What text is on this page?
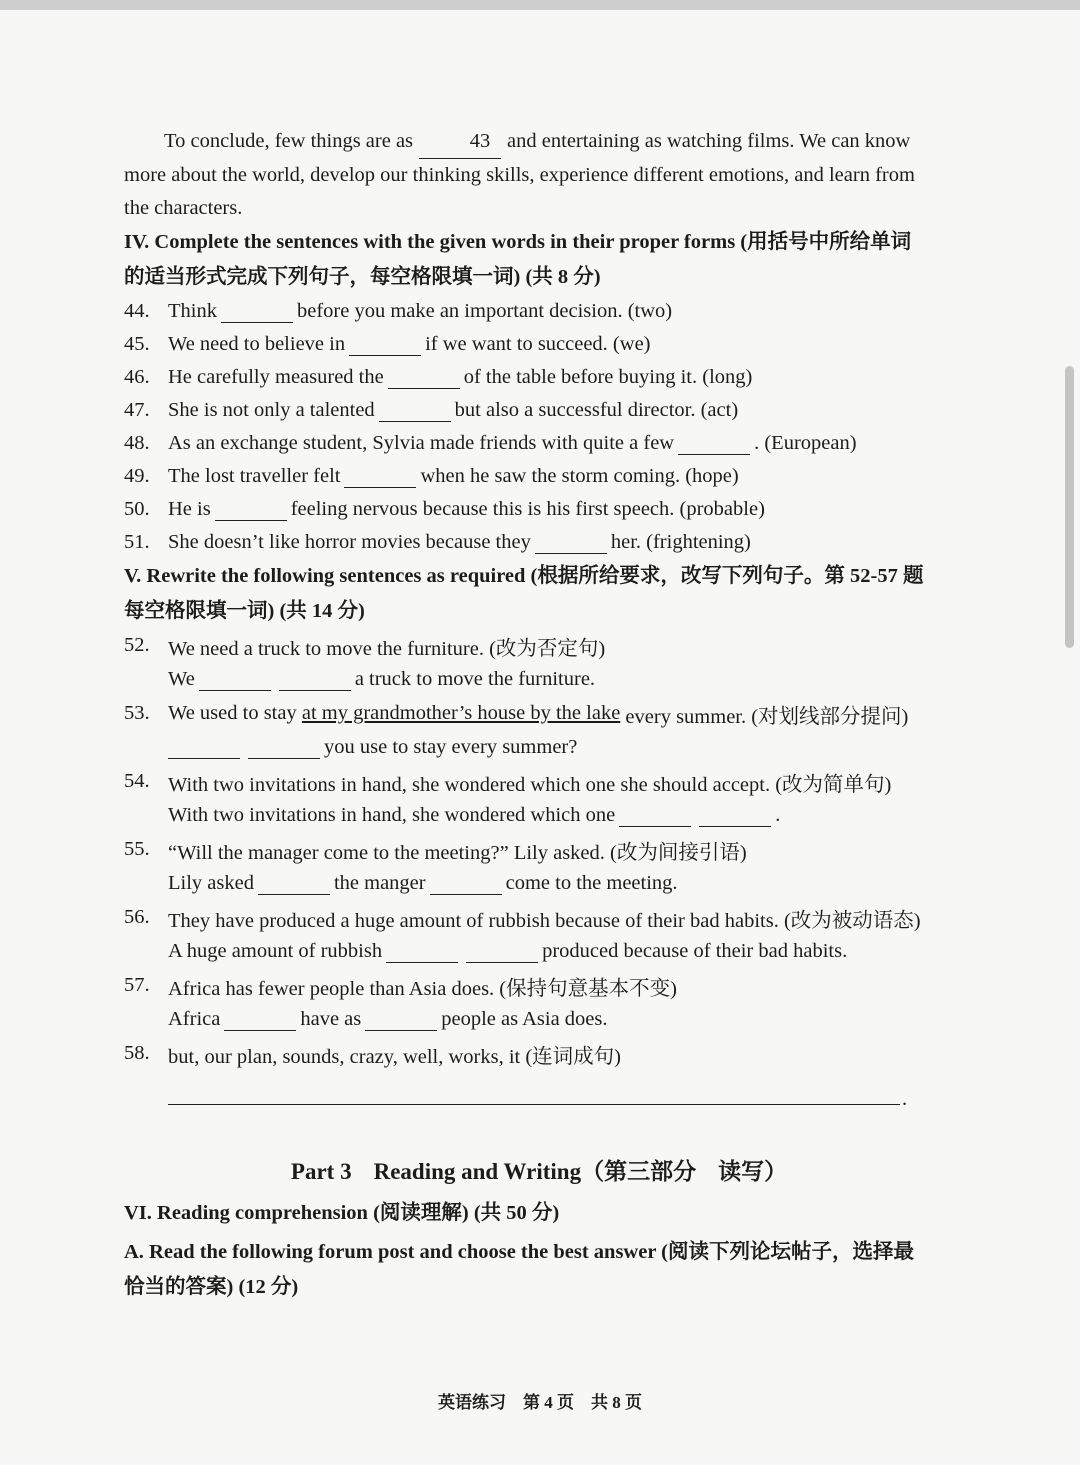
To conclude, few things are as	43 and entertaining as watching films. We can know more about the world, develop our thinking skills, experience different emotions, and learn from the characters.

IV. Complete the sentences with the given words in their proper forms (用括号中所给单词的适当形式完成下列句子，每空格限填一词) (共 8 分)

44. Think	before you make an important decision. (two)
45. We need to believe in	if we want to succeed. (we)
46. He carefully measured the	of the table before buying it. (long)
47. She is not only a talented	but also a successful director. (act)
48. As an exchange student, Sylvia made friends with quite a few	. (European)
49. The lost traveller felt	when he saw the storm coming. (hope)
50. He is	feeling nervous because this is his first speech. (probable)
51. She doesn’t like horror movies because they	her. (frightening)

V. Rewrite the following sentences as required (根据所给要求，改写下列句子。第 52-57 题每空格限填一词) (共 14 分)

52. We need a truck to move the furniture. (改为否定句)
We	a truck to move the furniture.
53. We used to stay
at my grandmother’s house by the lake
every summer. (对划线部分提问)
you use to stay every summer?
54. With two invitations in hand, she wondered which one she should accept. (改为简单句)
With two invitations in hand, she wondered which one	.
55. “Will the manager come to the meeting?” Lily asked. (改为间接引语)
Lily asked	the manger	come to the meeting.
56. They have produced a huge amount of rubbish because of their bad habits. (改为被动语态)
A huge amount of rubbish	produced because of their bad habits.
57. Africa has fewer people than Asia does. (保持句意基本不变)
Africa	have as	people as Asia does.
58. but, our plan, sounds, crazy, well, works, it (连词成句)
.
Part 3 Reading and Writing（第三部分 读写）

VI. Reading comprehension (阅读理解) (共 50 分)

A. Read the following forum post and choose the best answer (阅读下列论坛帖子，选择最恰当的答案) (12 分)

英语练习　第 4 页　共 8 页
